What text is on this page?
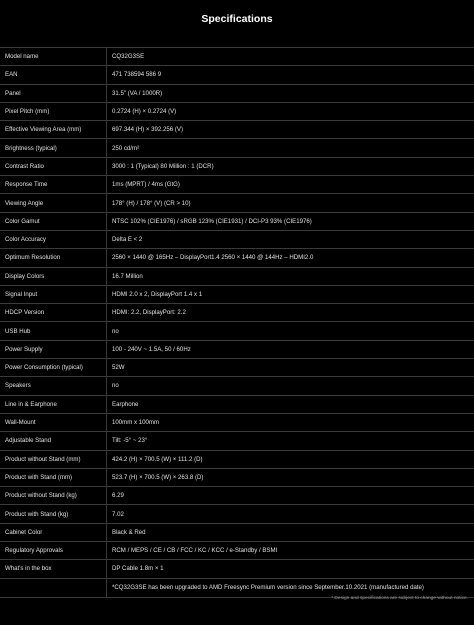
Specifications
Model name	CQ32G3SE
EAN	471 738594 586 9
Panel	31.5" (VA / 1000R)
Pixel Pitch (mm)	0.2724 (H) × 0.2724 (V)
Effective Viewing Area (mm)	697.344 (H) × 392.256 (V)
Brightness (typical)	250 cd/m²
Contrast Ratio	3000 : 1 (Typical) 80 Million : 1 (DCR)
Response Time	1ms (MPRT) / 4ms (GtG)
Viewing Angle	178° (H) / 178° (V) (CR > 10)
Color Gamut	NTSC 102% (CIE1976) / sRGB 123% (CIE1931) / DCI-P3 93% (CIE1976)
Color Accuracy	Delta E < 2
Optimum Resolution	2560 × 1440 @ 165Hz – DisplayPort1.4 2560 × 1440 @ 144Hz – HDMI2.0
Display Colors	16.7 Million
Signal Input	HDMI 2.0 x 2, DisplayPort 1.4 x 1
HDCP Version	HDMI: 2.2, DisplayPort: 2.2
USB Hub	no
Power Supply	100 - 240V ~ 1.5A, 50 / 60Hz
Power Consumption (typical)	52W
Speakers	no
Line in & Earphone	Earphone
Wall-Mount	100mm x 100mm
Adjustable Stand	Tilt: -5° ~ 23°
Product without Stand (mm)	424.2 (H) × 700.5 (W) × 111.2 (D)
Product with Stand (mm)	523.7 (H) × 700.5 (W) × 263.8 (D)
Product without Stand (kg)	6.29
Product with Stand (kg)	7.02
Cabinet Color	Black & Red
Regulatory Approvals	RCM / MEPS / CE / CB / FCC / KC / KCC / e-Standby / BSMI
What's in the box	DP Cable 1.8m × 1
	*CQ32G3SE has been upgraded to AMD Freesync Premium version since September.10.2021 (manufactured date)
* Design and specifications are subject to change without notice.
